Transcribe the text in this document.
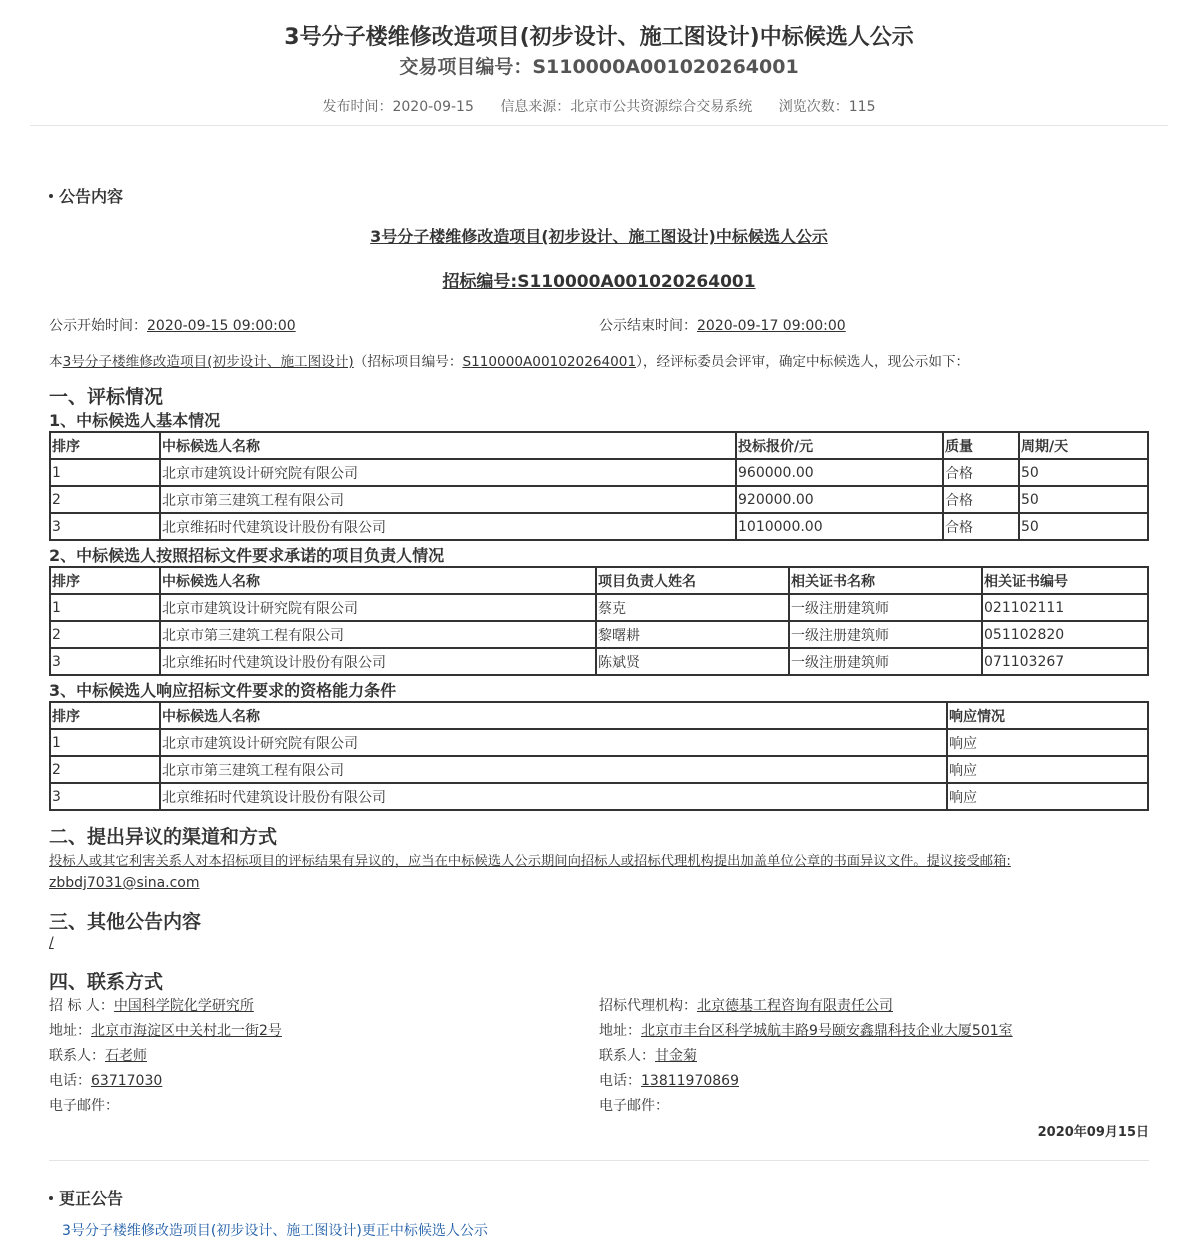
3号分子楼维修改造项目(初步设计、施工图设计)中标候选人公示
交易项目编号：S110000A001020264001
发布时间：2020-09-15 信息来源：北京市公共资源综合交易系统 浏览次数：115
公告内容
3号分子楼维修改造项目(初步设计、施工图设计)中标候选人公示
招标编号:S110000A001020264001
公示开始时间：2020-09-15 09:00:00	公示结束时间：2020-09-17 09:00:00
本3号分子楼维修改造项目(初步设计、施工图设计)（招标项目编号：S110000A001020264001），经评标委员会评审，确定中标候选人，现公示如下：
一、评标情况
1、中标候选人基本情况
排序	中标候选人名称	投标报价/元	质量	周期/天
1	北京市建筑设计研究院有限公司	960000.00	合格	50
2	北京市第三建筑工程有限公司	920000.00	合格	50
3	北京维拓时代建筑设计股份有限公司	1010000.00	合格	50
2、中标候选人按照招标文件要求承诺的项目负责人情况
排序	中标候选人名称	项目负责人姓名	相关证书名称	相关证书编号
1	北京市建筑设计研究院有限公司	蔡克	一级注册建筑师	021102111
2	北京市第三建筑工程有限公司	黎曙耕	一级注册建筑师	051102820
3	北京维拓时代建筑设计股份有限公司	陈斌贤	一级注册建筑师	071103267
3、中标候选人响应招标文件要求的资格能力条件
排序	中标候选人名称	响应情况
1	北京市建筑设计研究院有限公司	响应
2	北京市第三建筑工程有限公司	响应
3	北京维拓时代建筑设计股份有限公司	响应
二、提出异议的渠道和方式
投标人或其它利害关系人对本招标项目的评标结果有异议的，应当在中标候选人公示期间向招标人或招标代理机构提出加盖单位公章的书面异议文件。提议接受邮箱:
zbbdj7031@sina.com
三、其他公告内容
/
四、联系方式
招 标 人：中国科学院化学研究所
地址：北京市海淀区中关村北一街2号
联系人：石老师
电话：63717030
电子邮件：
招标代理机构：北京德基工程咨询有限责任公司
地址：北京市丰台区科学城航丰路9号颐安鑫鼎科技企业大厦501室
联系人：甘金菊
电话：13811970869
电子邮件：
2020年09月15日
更正公告
3号分子楼维修改造项目(初步设计、施工图设计)更正中标候选人公示
